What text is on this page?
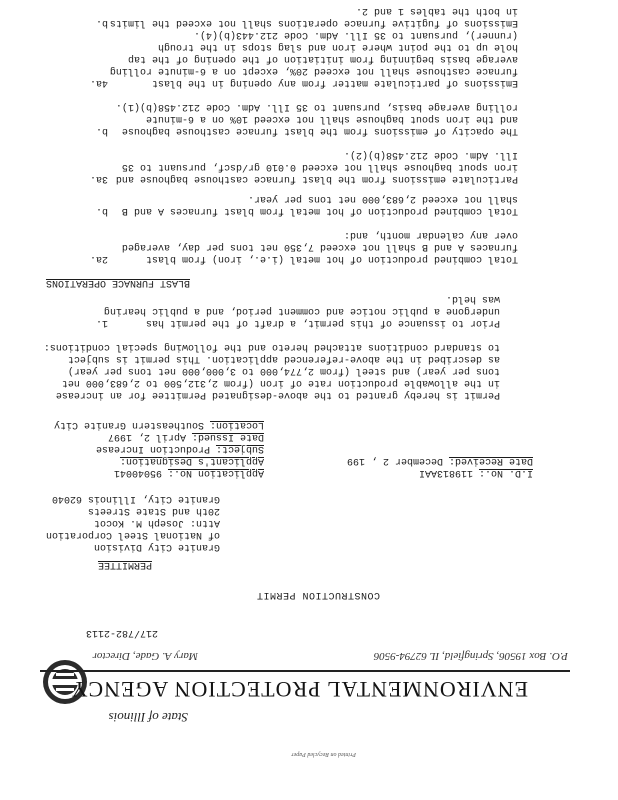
ENVIRONMENTAL PROTECTION AGENCY
State of Illinois
P.O. Box 19506, Springfield, IL 62794-9506
Mary A. Gade, Director
217/782-2113
CONSTRUCTION PERMIT
PERMITTEE
Granite City Division
of National Steel Corporation
Attn: Joseph M. Kocot
20th and State Streets
Granite City, Illinois 62040
Application No.: 95040041	I.D. No.: 119813AAI
Applicant's Designation:	Date Received: December 2 , 199
Subject: Production Increase
Date Issued: April 2, 1997
Location: Southeastern Granite City
Permit is hereby granted to the above-designated Permittee for an increase
in the allowable production rate of iron (from 2,312,500 to 2,683,000 net
tons per year) and steel (from 2,774,000 to 3,000,000 net tons per year)
as described in the above-referenced application. This permit is subject
to standard conditions attached hereto and the following special conditions:
1.	Prior to issuance of this permit, a draft of the permit has
undergone a public notice and comment period, and a public hearing
was held.
BLAST FURNACE OPERATIONS
2a.	Total combined production of hot metal (i.e., iron) from blast
furnaces A and B shall not exceed 7,350 net tons per day, averaged
over any calendar month, and:
b. Total combined production of hot metal from blast furnaces A and B
shall not exceed 2,683,000 net tons per year.
3a. Particulate emissions from the blast furnace casthouse baghouse and
iron spout baghouse shall not exceed 0.010 gr/dscf, pursuant to 35
Ill. Adm. Code 212.458(b)(2).
b. The opacity of emissions from the blast furnace casthouse baghouse
and the iron spout baghouse shall not exceed 10% on a 6-minute
rolling average basis, pursuant to 35 Ill. Adm. Code 212.458(b)(1).
4a.	Emissions of particulate matter from any opening in the blast
furnace casthouse shall not exceed 20%, except on a 6-minute rolling
average basis beginning from initiation of the opening of the tap
hole up to the point where iron and slag stops in the trough
(runner), pursuant to 35 Ill. Adm. Code 212.443(b)(4).
b. Emissions of fugitive furnace operations shall not exceed the limits
in both the tables 1 and 2.
Printed on Recycled Paper
